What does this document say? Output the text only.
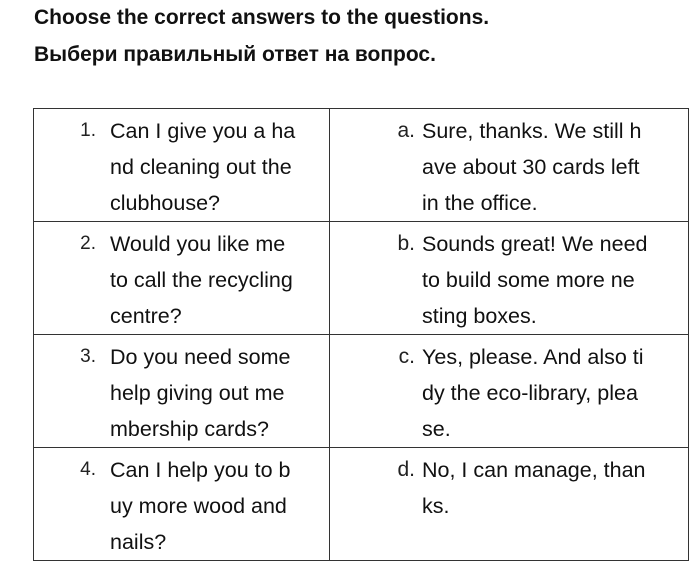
Choose the correct answers to the questions.
Выбери правильный ответ на вопрос.
1. Can I give you a ha
nd cleaning out the
clubhouse?	a. Sure, thanks. We still h
ave about 30 cards left
in the office.

2. Would you like me
to call the recycling
centre?	b. Sounds great! We need
to build some more ne
sting boxes.

3. Do you need some
help giving out me
mbership cards?	c. Yes, please. And also ti
dy the eco-library, plea
se.

4. Can I help you to b
uy more wood and
nails?	d. No, I can manage, than
ks.
